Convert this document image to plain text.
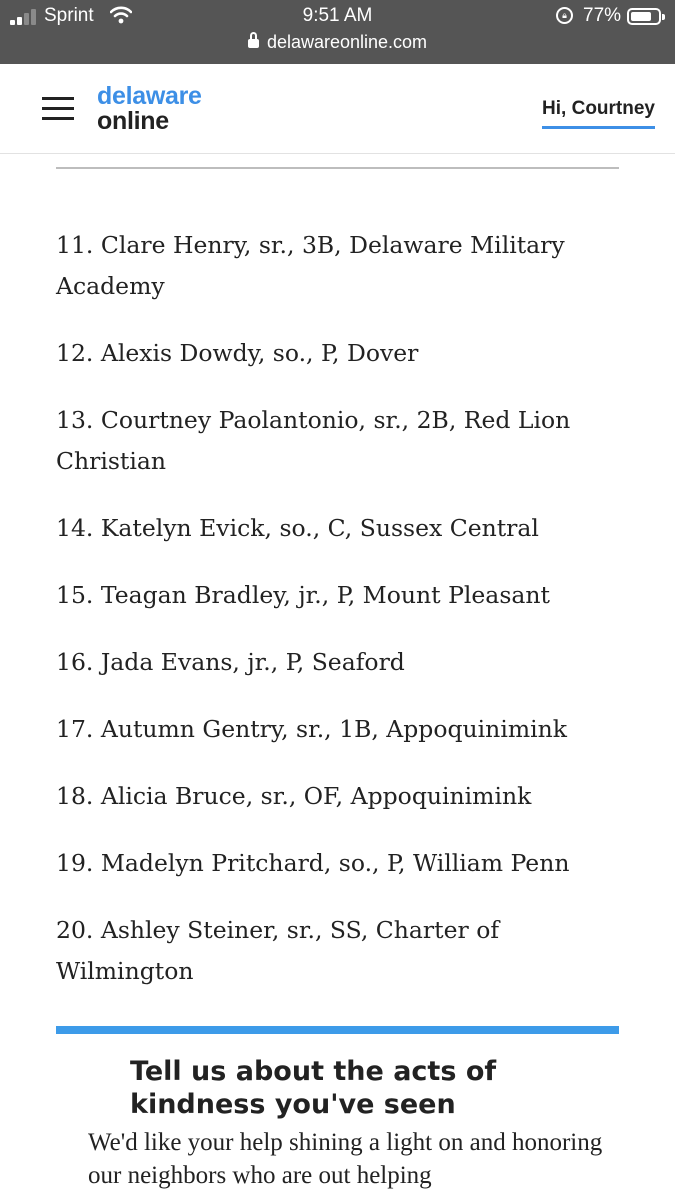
Sprint	9:51 AM	🔒︎ 77%
delawareonline.com
delaware
online	Hi, Courtney

11. Clare Henry, sr., 3B, Delaware Military Academy

12. Alexis Dowdy, so., P, Dover

13. Courtney Paolantonio, sr., 2B, Red Lion Christian

14. Katelyn Evick, so., C, Sussex Central

15. Teagan Bradley, jr., P, Mount Pleasant

16. Jada Evans, jr., P, Seaford

17. Autumn Gentry, sr., 1B, Appoquinimink

18. Alicia Bruce, sr., OF, Appoquinimink

19. Madelyn Pritchard, so., P, William Penn

20. Ashley Steiner, sr., SS, Charter of Wilmington

Tell us about the acts of kindness you've seen
We'd like your help shining a light on and honoring our neighbors who are out helping
